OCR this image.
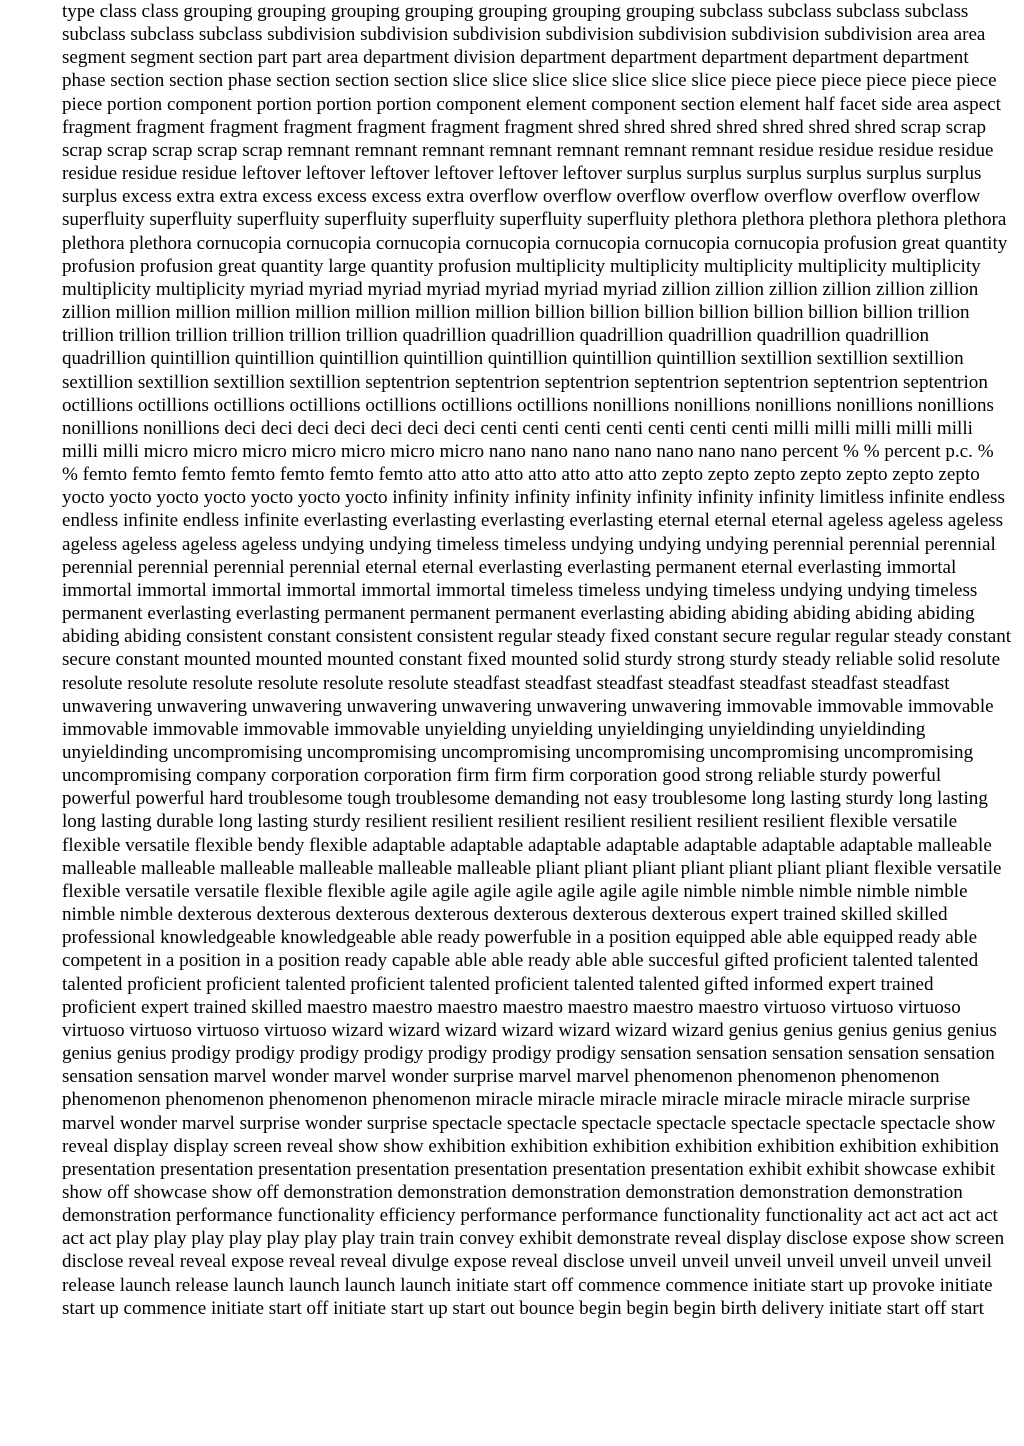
type class class grouping grouping grouping grouping grouping grouping grouping subclass subclass subclass subclass subclass subclass subclass subdivision subdivision subdivision subdivision subdivision subdivision subdivision area area segment segment section part part area department division department department department department department phase section section phase section section section slice slice slice slice slice slice slice piece piece piece piece piece piece piece portion component portion portion portion component element component section element half facet side area aspect fragment fragment fragment fragment fragment fragment fragment shred shred shred shred shred shred shred scrap scrap scrap scrap scrap scrap scrap remnant remnant remnant remnant remnant remnant remnant residue residue residue residue residue residue residue leftover leftover leftover leftover leftover leftover surplus surplus surplus surplus surplus surplus surplus excess extra extra excess excess excess extra overflow overflow overflow overflow overflow overflow overflow superfluity superfluity superfluity superfluity superfluity superfluity superfluity plethora plethora plethora plethora plethora plethora plethora cornucopia cornucopia cornucopia cornucopia cornucopia cornucopia cornucopia profusion great quantity profusion profusion great quantity large quantity profusion multiplicity multiplicity multiplicity multiplicity multiplicity multiplicity multiplicity myriad myriad myriad myriad myriad myriad myriad zillion zillion zillion zillion zillion zillion zillion million million million million million million million billion billion billion billion billion billion billion trillion trillion trillion trillion trillion trillion trillion quadrillion quadrillion quadrillion quadrillion quadrillion quadrillion quadrillion quintillion quintillion quintillion quintillion quintillion quintillion quintillion sextillion sextillion sextillion sextillion sextillion sextillion sextillion septentrion septentrion septentrion septentrion septentrion septentrion septentrion octillions octillions octillions octillions octillions octillions octillions nonillions nonillions nonillions nonillions nonillions nonillions nonillions deci deci deci deci deci deci deci centi centi centi centi centi centi centi milli milli milli milli milli milli milli micro micro micro micro micro micro micro nano nano nano nano nano nano nano percent % % percent p.c. % % femto femto femto femto femto femto femto atto atto atto atto atto atto atto zepto zepto zepto zepto zepto zepto zepto yocto yocto yocto yocto yocto yocto yocto infinity infinity infinity infinity infinity infinity infinity limitless infinite endless endless infinite endless infinite everlasting everlasting everlasting everlasting eternal eternal eternal ageless ageless ageless ageless ageless ageless ageless undying undying timeless timeless undying undying undying perennial perennial perennial perennial perennial perennial perennial eternal eternal everlasting everlasting permanent eternal everlasting immortal immortal immortal immortal immortal immortal immortal timeless timeless undying timeless undying undying timeless permanent everlasting everlasting permanent permanent permanent everlasting abiding abiding abiding abiding abiding abiding abiding consistent constant consistent consistent regular steady fixed constant secure regular regular steady constant secure constant mounted mounted mounted constant fixed mounted solid sturdy strong sturdy steady reliable solid resolute resolute resolute resolute resolute resolute resolute steadfast steadfast steadfast steadfast steadfast steadfast steadfast unwavering unwavering unwavering unwavering unwavering unwavering unwavering immovable immovable immovable immovable immovable immovable immovable unyielding unyielding unyieldinging unyieldinding unyieldinding unyieldinding uncompromising uncompromising uncompromising uncompromising uncompromising uncompromising uncompromising company corporation corporation firm firm firm corporation good strong reliable sturdy powerful powerful powerful hard troublesome tough troublesome demanding not easy troublesome long lasting sturdy long lasting long lasting durable long lasting sturdy resilient resilient resilient resilient resilient resilient resilient flexible versatile flexible versatile flexible bendy flexible adaptable adaptable adaptable adaptable adaptable adaptable adaptable malleable malleable malleable malleable malleable malleable malleable pliant pliant pliant pliant pliant pliant pliant flexible versatile flexible versatile versatile flexible flexible agile agile agile agile agile agile agile nimble nimble nimble nimble nimble nimble nimble dexterous dexterous dexterous dexterous dexterous dexterous dexterous expert trained skilled skilled professional knowledgeable knowledgeable able ready powerfuble in a position equipped able able equipped ready able competent in a position in a position ready capable able able ready able able succesful gifted proficient talented talented talented proficient proficient talented proficient talented proficient talented talented gifted informed expert trained proficient expert trained skilled maestro maestro maestro maestro maestro maestro maestro virtuoso virtuoso virtuoso virtuoso virtuoso virtuoso virtuoso wizard wizard wizard wizard wizard wizard wizard genius genius genius genius genius genius genius prodigy prodigy prodigy prodigy prodigy prodigy prodigy sensation sensation sensation sensation sensation sensation sensation marvel wonder marvel wonder surprise marvel marvel phenomenon phenomenon phenomenon phenomenon phenomenon phenomenon phenomenon miracle miracle miracle miracle miracle miracle miracle surprise marvel wonder marvel surprise wonder surprise spectacle spectacle spectacle spectacle spectacle spectacle spectacle show reveal display display screen reveal show show exhibition exhibition exhibition exhibition exhibition exhibition exhibition presentation presentation presentation presentation presentation presentation presentation exhibit exhibit showcase exhibit show off showcase show off demonstration demonstration demonstration demonstration demonstration demonstration demonstration performance functionality efficiency performance performance functionality functionality act act act act act act act play play play play play play play train train convey exhibit demonstrate reveal display disclose expose show screen disclose reveal reveal expose reveal reveal divulge expose reveal disclose unveil unveil unveil unveil unveil unveil unveil release launch release launch launch launch launch initiate start off commence commence initiate start up provoke initiate start up commence initiate start off initiate start up start out bounce begin begin begin birth delivery initiate start off start
